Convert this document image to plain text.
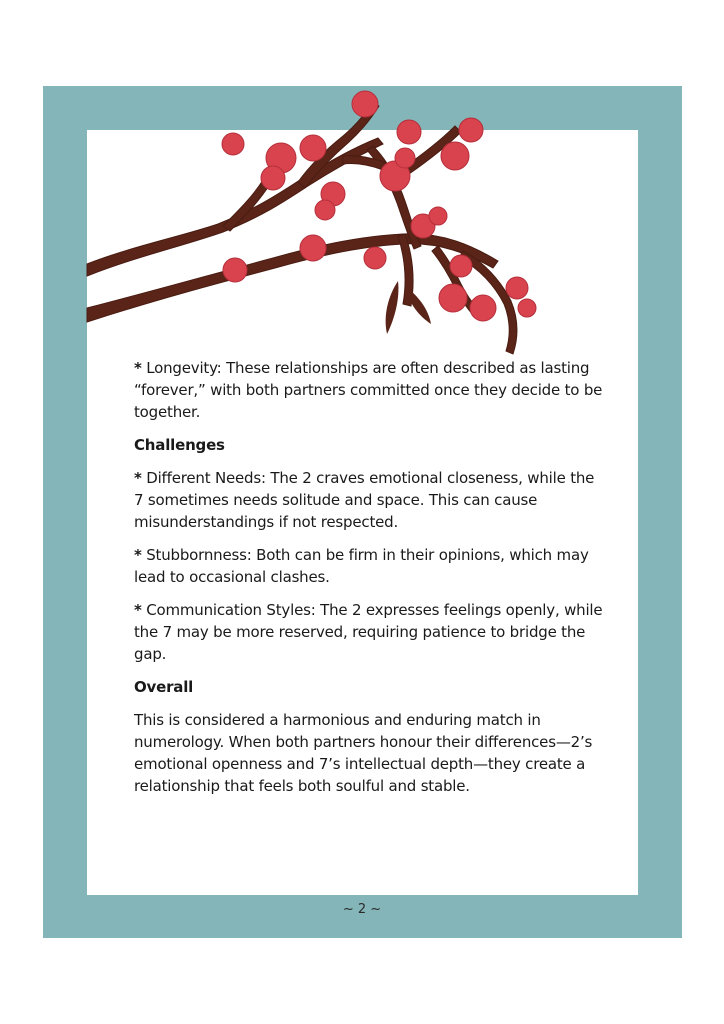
* Longevity: These relationships are often described as lasting “forever,” with both partners committed once they decide to be together.

Challenges

* Different Needs: The 2 craves emotional closeness, while the 7 sometimes needs solitude and space. This can cause misunderstandings if not respected.

* Stubbornness: Both can be firm in their opinions, which may lead to occasional clashes.

* Communication Styles: The 2 expresses feelings openly, while the 7 may be more reserved, requiring patience to bridge the gap.

Overall

This is considered a harmonious and enduring match in numerology. When both partners honour their differences—2’s emotional openness and 7’s intellectual depth—they create a relationship that feels both soulful and stable.

~ 2 ~
